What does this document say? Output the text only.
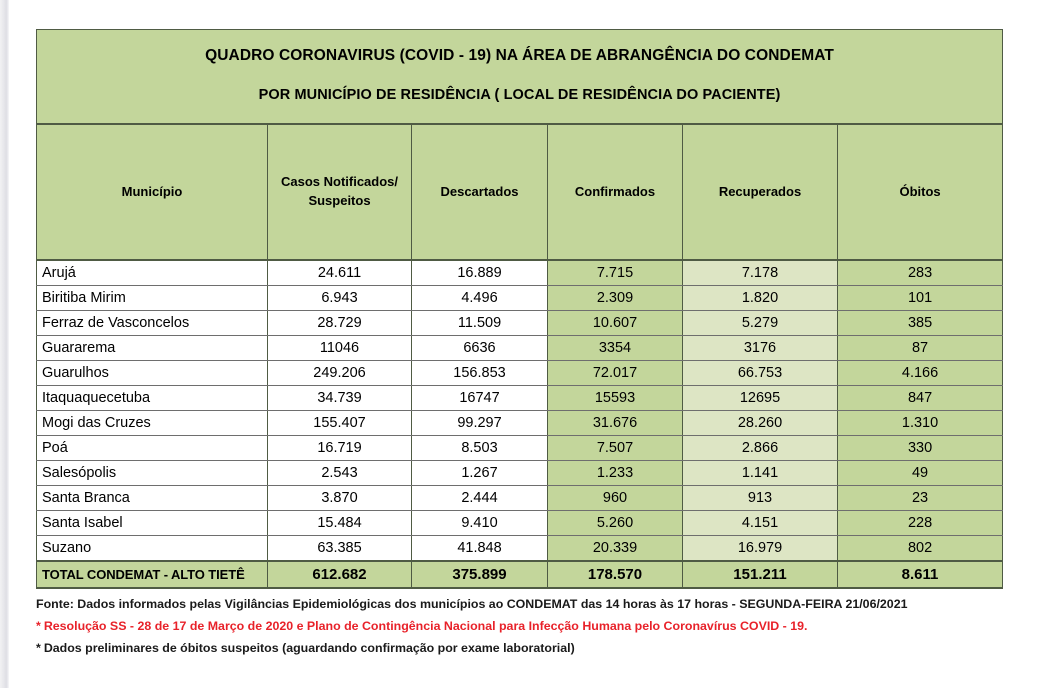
QUADRO CORONAVIRUS (COVID - 19) NA ÁREA DE ABRANGÊNCIA DO CONDEMAT
POR MUNICÍPIO DE RESIDÊNCIA ( LOCAL DE RESIDÊNCIA DO PACIENTE)					

Município	Casos Notificados/ Suspeitos	Descartados	Confirmados	Recuperados	Óbitos
Arujá	24.611	16.889	7.715	7.178	283
Biritiba Mirim	6.943	4.496	2.309	1.820	101
Ferraz de Vasconcelos	28.729	11.509	10.607	5.279	385
Guararema	11046	6636	3354	3176	87
Guarulhos	249.206	156.853	72.017	66.753	4.166
Itaquaquecetuba	34.739	16747	15593	12695	847
Mogi das Cruzes	155.407	99.297	31.676	28.260	1.310
Poá	16.719	8.503	7.507	2.866	330
Salesópolis	2.543	1.267	1.233	1.141	49
Santa Branca	3.870	2.444	960	913	23
Santa Isabel	15.484	9.410	5.260	4.151	228
Suzano	63.385	41.848	20.339	16.979	802
TOTAL CONDEMAT - ALTO TIETÊ	612.682	375.899	178.570	151.211	8.611
Fonte: Dados informados pelas Vigilâncias Epidemiológicas dos municípios ao CONDEMAT das 14 horas às 17 horas - SEGUNDA-FEIRA 21/06/2021
* Resolução SS - 28 de 17 de Março de 2020 e Plano de Contingência Nacional para Infecção Humana pelo Coronavírus COVID - 19.
* Dados preliminares de óbitos suspeitos (aguardando confirmação por exame laboratorial)
